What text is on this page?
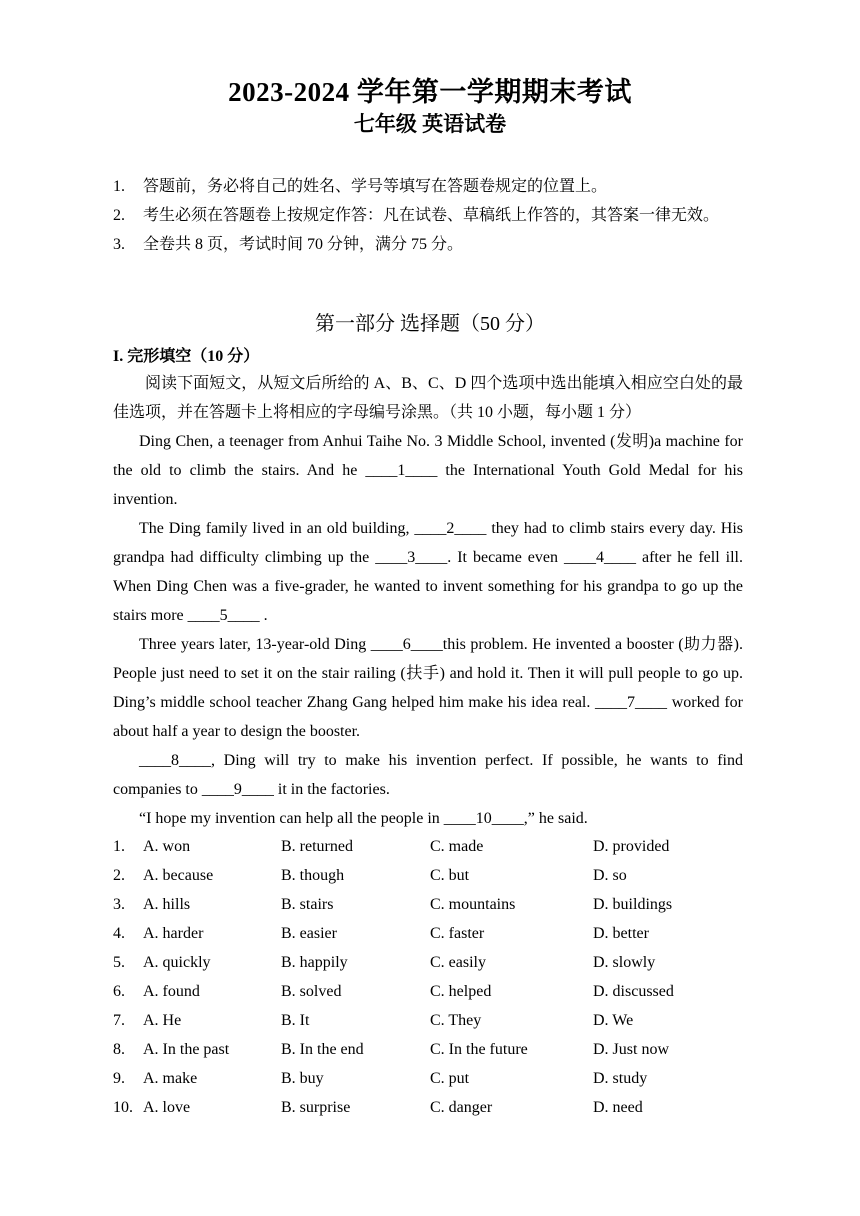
2023-2024 学年第一学期期末考试
七年级 英语试卷
1. 答题前，务必将自己的姓名、学号等填写在答题卷规定的位置上。
2. 考生必须在答题卷上按规定作答：凡在试卷、草稿纸上作答的，其答案一律无效。
3. 全卷共 8 页，考试时间 70 分钟，满分 75 分。
第一部分 选择题（50 分）
I. 完形填空（10 分）

阅读下面短文，从短文后所给的 A、B、C、D 四个选项中选出能填入相应空白处的最佳选项，并在答题卡上将相应的字母编号涂黑。（共 10 小题，每小题 1 分）

Ding Chen, a teenager from Anhui Taihe No. 3 Middle School, invented (发明)a machine for the old to climb the stairs. And he ____1____ the International Youth Gold Medal for his invention.

The Ding family lived in an old building, ____2____ they had to climb stairs every day. His grandpa had difficulty climbing up the ____3____. It became even ____4____ after he fell ill. When Ding Chen was a five-grader, he wanted to invent something for his grandpa to go up the stairs more ____5____ .

Three years later, 13-year-old Ding ____6____this problem. He invented a booster (助力器). People just need to set it on the stair railing (扶手) and hold it. Then it will pull people to go up. Ding’s middle school teacher Zhang Gang helped him make his idea real. ____7____ worked for about half a year to design the booster.

____8____, Ding will try to make his invention perfect. If possible, he wants to find companies to ____9____ it in the factories.

“I hope my invention can help all the people in ____10____,” he said.

1. A. won	B. returned	C. made	D. provided
2. A. because	B. though	C. but	D. so
3. A. hills	B. stairs	C. mountains	D. buildings
4. A. harder	B. easier	C. faster	D. better
5. A. quickly	B. happily	C. easily	D. slowly
6. A. found	B. solved	C. helped	D. discussed
7. A. He	B. It	C. They	D. We
8. A. In the past	B. In the end	C. In the future	D. Just now
9. A. make	B. buy	C. put	D. study
10. A. love	B. surprise	C. danger	D. need
